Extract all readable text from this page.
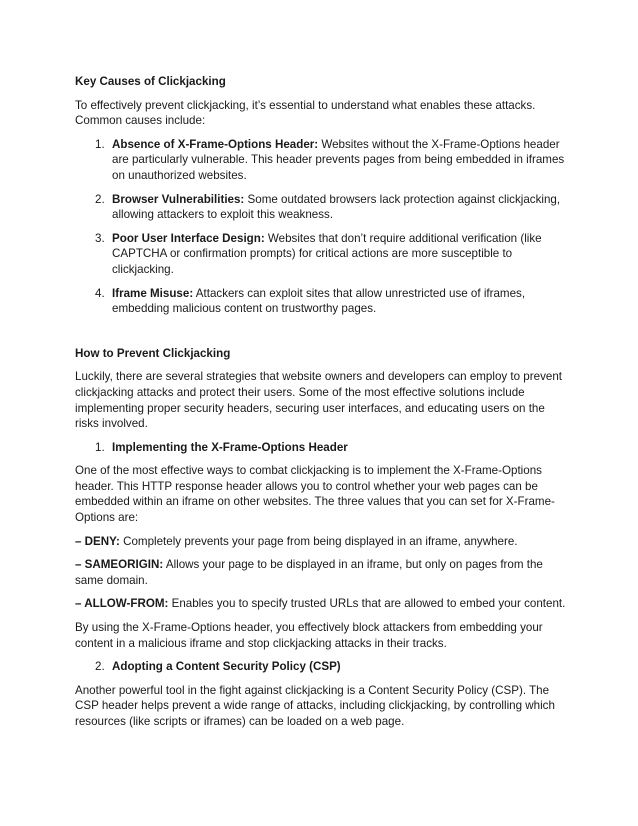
Key Causes of Clickjacking
To effectively prevent clickjacking, it’s essential to understand what enables these attacks. Common causes include:
1. Absence of X-Frame-Options Header: Websites without the X-Frame-Options header are particularly vulnerable. This header prevents pages from being embedded in iframes on unauthorized websites.
2. Browser Vulnerabilities: Some outdated browsers lack protection against clickjacking, allowing attackers to exploit this weakness.
3. Poor User Interface Design: Websites that don’t require additional verification (like CAPTCHA or confirmation prompts) for critical actions are more susceptible to clickjacking.
4. Iframe Misuse: Attackers can exploit sites that allow unrestricted use of iframes, embedding malicious content on trustworthy pages.
How to Prevent Clickjacking
Luckily, there are several strategies that website owners and developers can employ to prevent clickjacking attacks and protect their users. Some of the most effective solutions include implementing proper security headers, securing user interfaces, and educating users on the risks involved.
1. Implementing the X-Frame-Options Header
One of the most effective ways to combat clickjacking is to implement the X-Frame-Options header. This HTTP response header allows you to control whether your web pages can be embedded within an iframe on other websites. The three values that you can set for X-Frame-Options are:
– DENY: Completely prevents your page from being displayed in an iframe, anywhere.
– SAMEORIGIN: Allows your page to be displayed in an iframe, but only on pages from the same domain.
– ALLOW-FROM: Enables you to specify trusted URLs that are allowed to embed your content.
By using the X-Frame-Options header, you effectively block attackers from embedding your content in a malicious iframe and stop clickjacking attacks in their tracks.
2. Adopting a Content Security Policy (CSP)
Another powerful tool in the fight against clickjacking is a Content Security Policy (CSP). The CSP header helps prevent a wide range of attacks, including clickjacking, by controlling which resources (like scripts or iframes) can be loaded on a web page.
